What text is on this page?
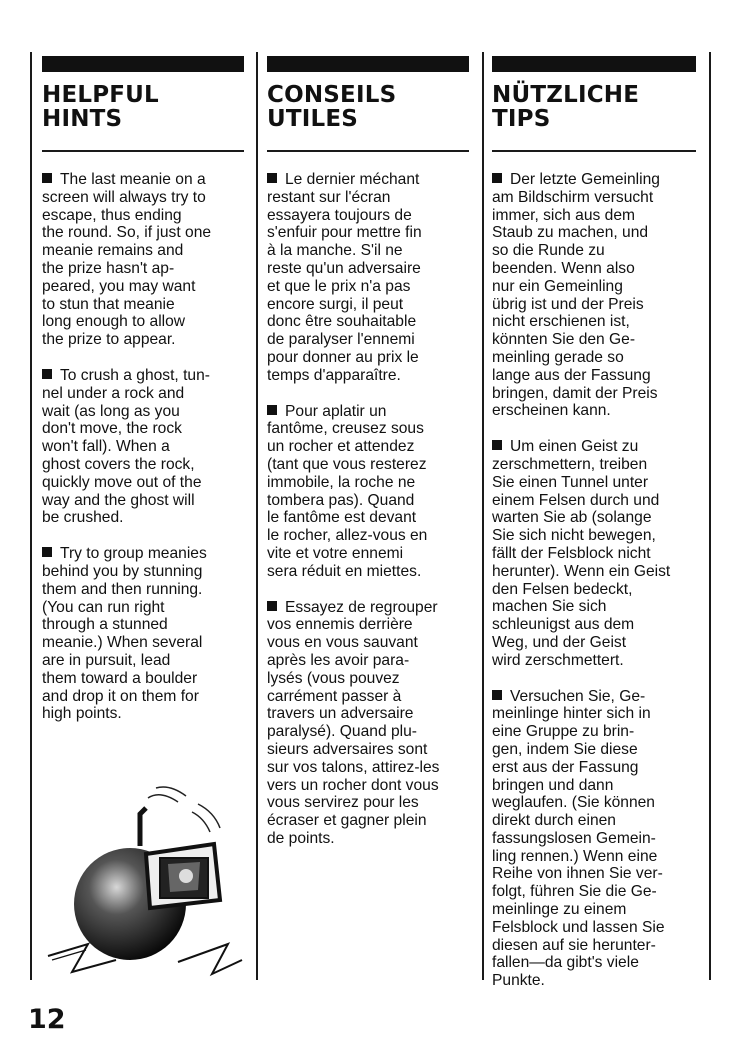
HELPFUL HINTS

The last meanie on a
screen will always try to
escape, thus ending
the round. So, if just one
meanie remains and
the prize hasn't ap-
peared, you may want
to stun that meanie
long enough to allow
the prize to appear.

To crush a ghost, tun-
nel under a rock and
wait (as long as you
don't move, the rock
won't fall). When a
ghost covers the rock,
quickly move out of the
way and the ghost will
be crushed.

Try to group meanies
behind you by stunning
them and then running.
(You can run right
through a stunned
meanie.) When several
are in pursuit, lead
them toward a boulder
and drop it on them for
high points.

CONSEILS
UTILES

Le dernier méchant
restant sur l'écran
essayera toujours de
s'enfuir pour mettre fin
à la manche. S'il ne
reste qu'un adversaire
et que le prix n'a pas
encore surgi, il peut
donc être souhaitable
de paralyser l'ennemi
pour donner au prix le
temps d'apparaître.

Pour aplatir un
fantôme, creusez sous
un rocher et attendez
(tant que vous resterez
immobile, la roche ne
tombera pas). Quand
le fantôme est devant
le rocher, allez-vous en
vite et votre ennemi
sera réduit en miettes.

Essayez de regrouper
vos ennemis derrière
vous en vous sauvant
après les avoir para-
lysés (vous pouvez
carrément passer à
travers un adversaire
paralysé). Quand plu-
sieurs adversaires sont
sur vos talons, attirez-les
vers un rocher dont vous
vous servirez pour les
écraser et gagner plein
de points.

NÜTZLICHE TIPS

Der letzte Gemeinling
am Bildschirm versucht
immer, sich aus dem
Staub zu machen, und
so die Runde zu
beenden. Wenn also
nur ein Gemeinling
übrig ist und der Preis
nicht erschienen ist,
könnten Sie den Ge-
meinling gerade so
lange aus der Fassung
bringen, damit der Preis
erscheinen kann.

Um einen Geist zu
zerschmettern, treiben
Sie einen Tunnel unter
einem Felsen durch und
warten Sie ab (solange
Sie sich nicht bewegen,
fällt der Felsblock nicht
herunter). Wenn ein Geist
den Felsen bedeckt,
machen Sie sich
schleunigst aus dem
Weg, und der Geist
wird zerschmettert.

Versuchen Sie, Ge-
meinlinge hinter sich in
eine Gruppe zu brin-
gen, indem Sie diese
erst aus der Fassung
bringen und dann
weglaufen. (Sie können
direkt durch einen
fassungslosen Gemein-
ling rennen.) Wenn eine
Reihe von ihnen Sie ver-
folgt, führen Sie die Ge-
meinlinge zu einem
Felsblock und lassen Sie
diesen auf sie herunter-
fallen—da gibt's viele
Punkte.

12
